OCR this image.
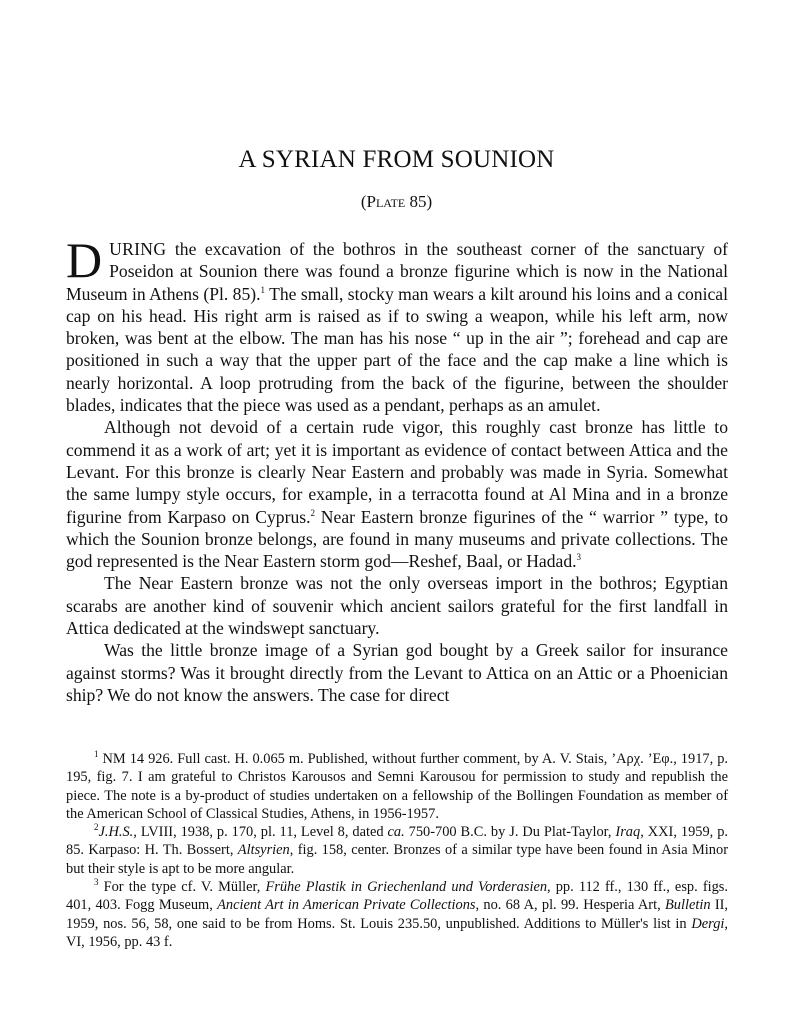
A SYRIAN FROM SOUNION
(Plate 85)

DURING the excavation of the bothros in the southeast corner of the sanctuary of Poseidon at Sounion there was found a bronze figurine which is now in the National Museum in Athens (Pl. 85).$^1$ The small, stocky man wears a kilt around his loins and a conical cap on his head. His right arm is raised as if to swing a weapon, while his left arm, now broken, was bent at the elbow. The man has his nose “ up in the air ”; forehead and cap are positioned in such a way that the upper part of the face and the cap make a line which is nearly horizontal. A loop protruding from the back of the figurine, between the shoulder blades, indicates that the piece was used as a pendant, perhaps as an amulet.

Although not devoid of a certain rude vigor, this roughly cast bronze has little to commend it as a work of art; yet it is important as evidence of contact between Attica and the Levant. For this bronze is clearly Near Eastern and probably was made in Syria. Somewhat the same lumpy style occurs, for example, in a terracotta found at Al Mina and in a bronze figurine from Karpaso on Cyprus.$^2$ Near Eastern bronze figurines of the “ warrior ” type, to which the Sounion bronze belongs, are found in many museums and private collections. The god represented is the Near Eastern storm god—Reshef, Baal, or Hadad.$^3$

The Near Eastern bronze was not the only overseas import in the bothros; Egyptian scarabs are another kind of souvenir which ancient sailors grateful for the first landfall in Attica dedicated at the windswept sanctuary.

Was the little bronze image of a Syrian god bought by a Greek sailor for insurance against storms? Was it brought directly from the Levant to Attica on an Attic or a Phoenician ship? We do not know the answers. The case for direct

$^1$ NM 14 926. Full cast. H. 0.065 m. Published, without further comment, by A. V. Stais, ’Αρχ. ’Εφ., 1917, p. 195, fig. 7. I am grateful to Christos Karousos and Semni Karousou for permission to study and republish the piece. The note is a by-product of studies undertaken on a fellowship of the Bollingen Foundation as member of the American School of Classical Studies, Athens, in 1956-1957.

$^2$J.H.S., LVIII, 1938, p. 170, pl. 11, Level 8, dated ca. 750-700 B.C. by J. Du Plat-Taylor, Iraq, XXI, 1959, p. 85. Karpaso: H. Th. Bossert, Altsyrien, fig. 158, center. Bronzes of a similar type have been found in Asia Minor but their style is apt to be more angular.

$^3$ For the type cf. V. Müller, Frühe Plastik in Griechenland und Vorderasien, pp. 112 ff., 130 ff., esp. figs. 401, 403. Fogg Museum, Ancient Art in American Private Collections, no. 68 A, pl. 99. Hesperia Art, Bulletin II, 1959, nos. 56, 58, one said to be from Homs. St. Louis 235.50, unpublished. Additions to Müller's list in Dergi, VI, 1956, pp. 43 f.
